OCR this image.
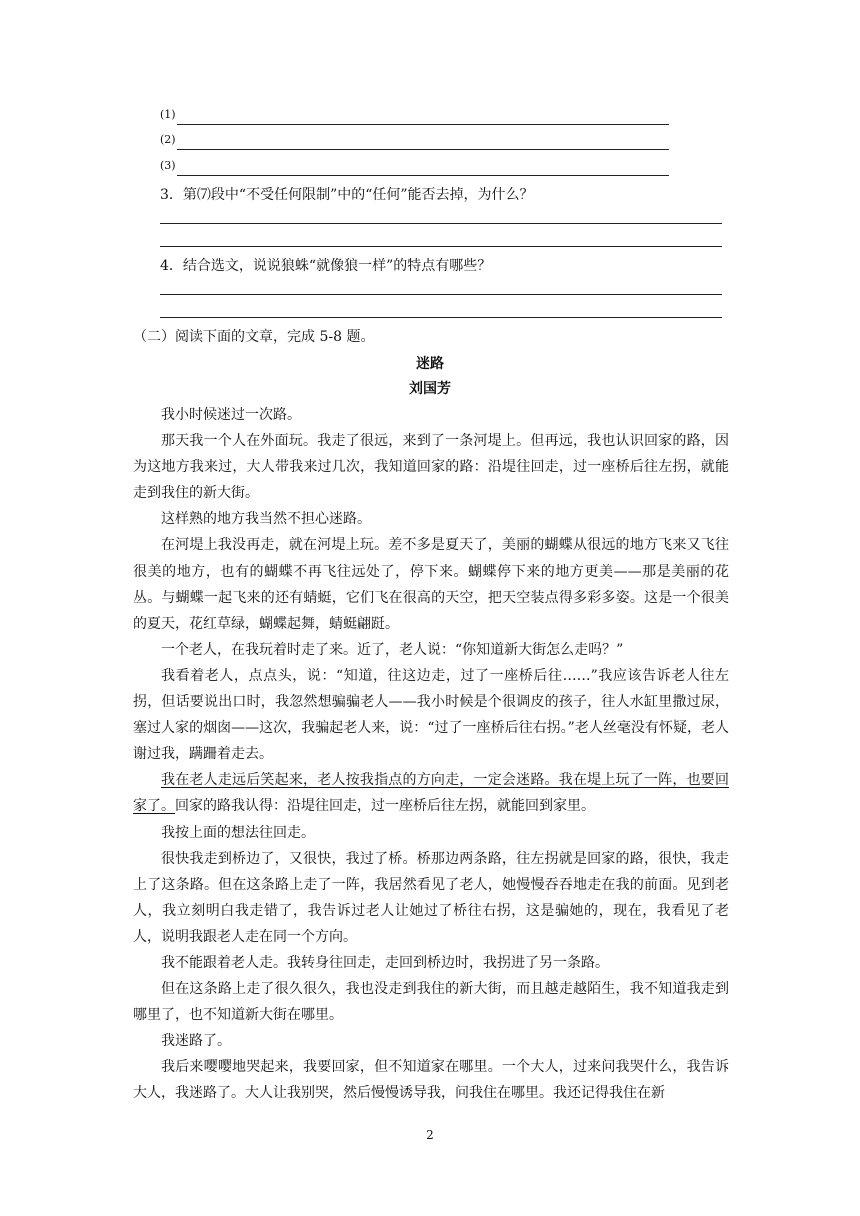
(1)
(2)
(3)
3．第⑺段中“不受任何限制”中的“任何”能否去掉，为什么？
4．结合选文，说说狼蛛“就像狼一样”的特点有哪些？
（二）阅读下面的文章，完成 5-8 题。
迷路
刘国芳

我小时候迷过一次路。

那天我一个人在外面玩。我走了很远，来到了一条河堤上。但再远，我也认识回家的路，因为这地方我来过，大人带我来过几次，我知道回家的路：沿堤往回走，过一座桥后往左拐，就能走到我住的新大街。

这样熟的地方我当然不担心迷路。

在河堤上我没再走，就在河堤上玩。差不多是夏天了，美丽的蝴蝶从很远的地方飞来又飞往很美的地方，也有的蝴蝶不再飞往远处了，停下来。蝴蝶停下来的地方更美——那是美丽的花丛。与蝴蝶一起飞来的还有蜻蜓，它们飞在很高的天空，把天空装点得多彩多姿。这是一个很美的夏天，花红草绿，蝴蝶起舞，蜻蜓翩跹。

一个老人，在我玩着时走了来。近了，老人说：“你知道新大街怎么走吗？”

我看着老人，点点头，说：“知道，往这边走，过了一座桥后往……”我应该告诉老人往左拐，但话要说出口时，我忽然想骗骗老人——我小时候是个很调皮的孩子，往人水缸里撒过尿，塞过人家的烟囱——这次，我骗起老人来，说：“过了一座桥后往右拐。”老人丝毫没有怀疑，老人谢过我，蹒跚着走去。

我在老人走远后笑起来，老人按我指点的方向走，一定会迷路。我在堤上玩了一阵，也要回家了。回家的路我认得：沿堤往回走，过一座桥后往左拐，就能回到家里。

我按上面的想法往回走。

很快我走到桥边了，又很快，我过了桥。桥那边两条路，往左拐就是回家的路，很快，我走上了这条路。但在这条路上走了一阵，我居然看见了老人，她慢慢吞吞地走在我的前面。见到老人，我立刻明白我走错了，我告诉过老人让她过了桥往右拐，这是骗她的，现在，我看见了老人，说明我跟老人走在同一个方向。

我不能跟着老人走。我转身往回走，走回到桥边时，我拐进了另一条路。

但在这条路上走了很久很久，我也没走到我住的新大街，而且越走越陌生，我不知道我走到哪里了，也不知道新大街在哪里。

我迷路了。

我后来嘤嘤地哭起来，我要回家，但不知道家在哪里。一个大人，过来问我哭什么，我告诉大人，我迷路了。大人让我别哭，然后慢慢诱导我，问我住在哪里。我还记得我住在新

2
